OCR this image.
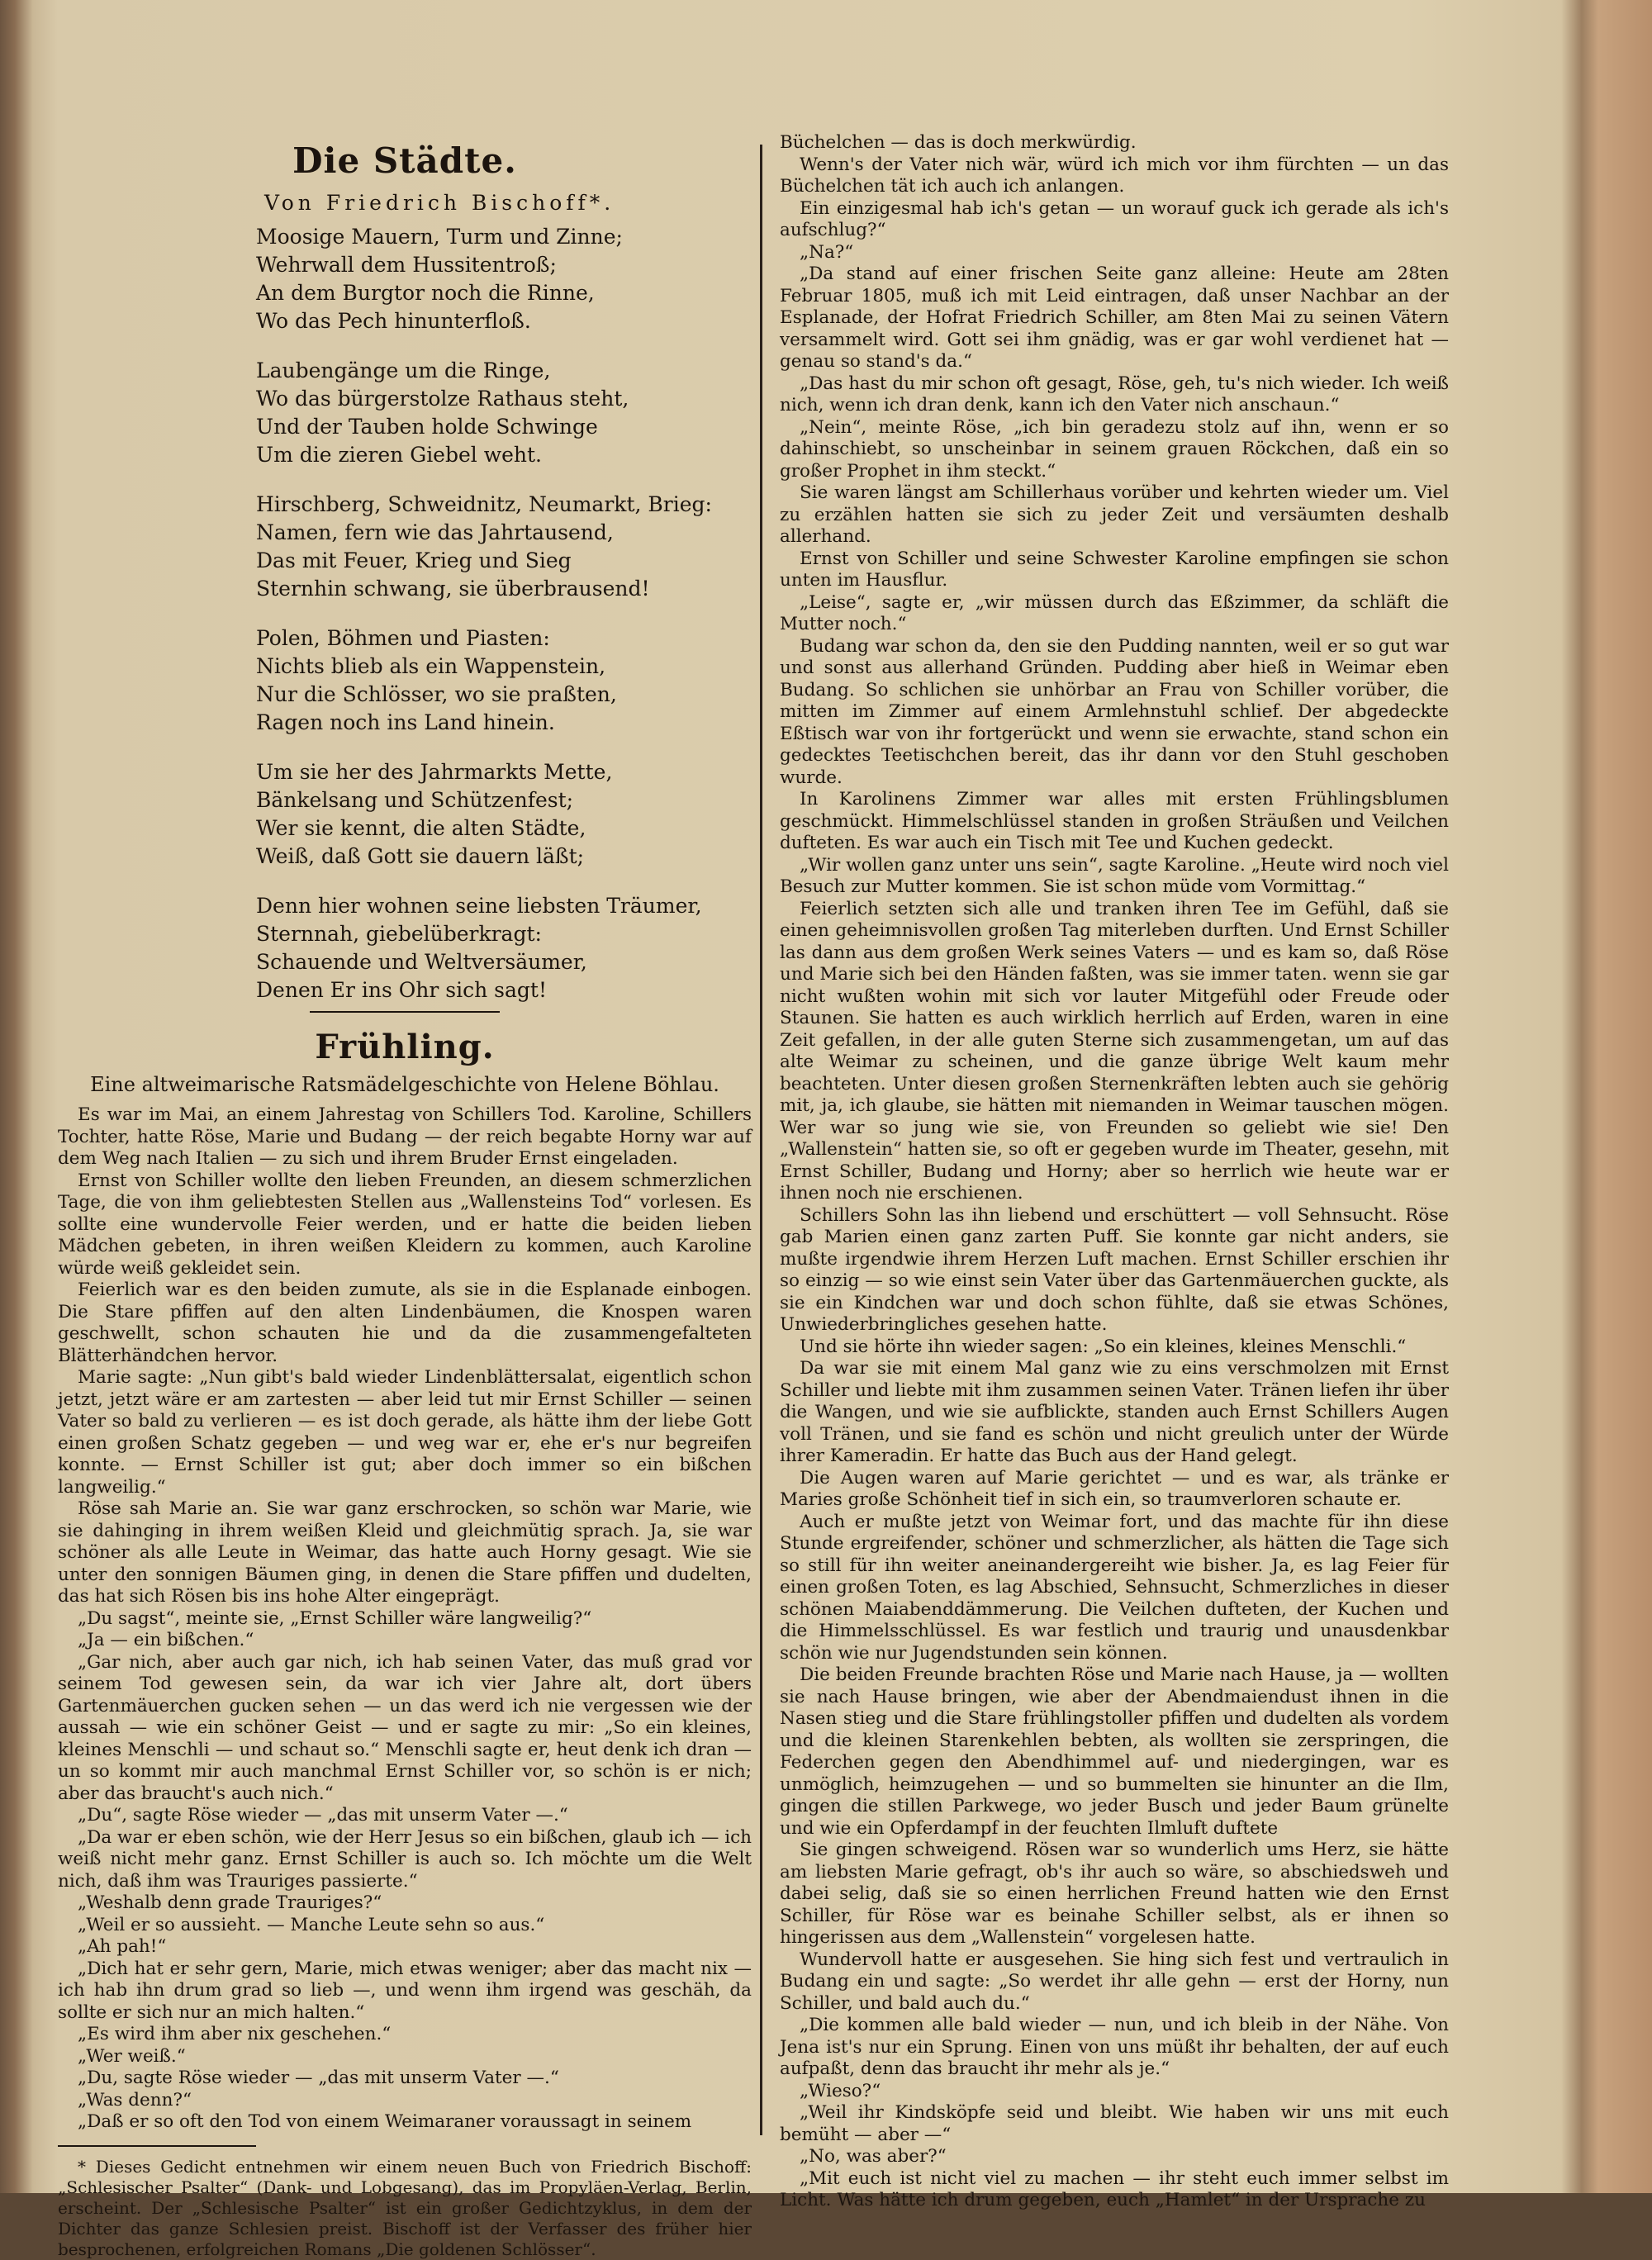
Die Städte.
Von Friedrich Bischoff*.
Moosige Mauern, Turm und Zinne;
Wehrwall dem Hussitentroß;
An dem Burgtor noch die Rinne,
Wo das Pech hinunterfloß.
Laubengänge um die Ringe,
Wo das bürgerstolze Rathaus steht,
Und der Tauben holde Schwinge
Um die zieren Giebel weht.
Hirschberg, Schweidnitz, Neumarkt, Brieg:
Namen, fern wie das Jahrtausend,
Das mit Feuer, Krieg und Sieg
Sternhin schwang, sie überbrausend!
Polen, Böhmen und Piasten:
Nichts blieb als ein Wappenstein,
Nur die Schlösser, wo sie praßten,
Ragen noch ins Land hinein.
Um sie her des Jahrmarkts Mette,
Bänkelsang und Schützenfest;
Wer sie kennt, die alten Städte,
Weiß, daß Gott sie dauern läßt;
Denn hier wohnen seine liebsten Träumer,
Sternnah, giebelüberkragt:
Schauende und Weltversäumer,
Denen Er ins Ohr sich sagt!
Frühling.
Eine altweimarische Ratsmädelgeschichte von Helene Böhlau.

Es war im Mai, an einem Jahrestag von Schillers Tod. Karoline, Schillers Tochter, hatte Röse, Marie und Budang — der reich begabte Horny war auf dem Weg nach Italien — zu sich und ihrem Bruder Ernst eingeladen.

Ernst von Schiller wollte den lieben Freunden, an diesem schmerzlichen Tage, die von ihm geliebtesten Stellen aus „Wallensteins Tod“ vorlesen. Es sollte eine wundervolle Feier werden, und er hatte die beiden lieben Mädchen gebeten, in ihren weißen Kleidern zu kommen, auch Karoline würde weiß gekleidet sein.

Feierlich war es den beiden zumute, als sie in die Esplanade einbogen. Die Stare pfiffen auf den alten Lindenbäumen, die Knospen waren geschwellt, schon schauten hie und da die zusammengefalteten Blätterhändchen hervor.

Marie sagte: „Nun gibt's bald wieder Lindenblättersalat, eigentlich schon jetzt, jetzt wäre er am zartesten — aber leid tut mir Ernst Schiller — seinen Vater so bald zu verlieren — es ist doch gerade, als hätte ihm der liebe Gott einen großen Schatz gegeben — und weg war er, ehe er's nur begreifen konnte. — Ernst Schiller ist gut; aber doch immer so ein bißchen langweilig.“

Röse sah Marie an. Sie war ganz erschrocken, so schön war Marie, wie sie dahinging in ihrem weißen Kleid und gleichmütig sprach. Ja, sie war schöner als alle Leute in Weimar, das hatte auch Horny gesagt. Wie sie unter den sonnigen Bäumen ging, in denen die Stare pfiffen und dudelten, das hat sich Rösen bis ins hohe Alter eingeprägt.

„Du sagst“, meinte sie, „Ernst Schiller wäre langweilig?“

„Ja — ein bißchen.“

„Gar nich, aber auch gar nich, ich hab seinen Vater, das muß grad vor seinem Tod gewesen sein, da war ich vier Jahre alt, dort übers Gartenmäuerchen gucken sehen — un das werd ich nie vergessen wie der aussah — wie ein schöner Geist — und er sagte zu mir: „So ein kleines, kleines Menschli — und schaut so.“ Menschli sagte er, heut denk ich dran — un so kommt mir auch manchmal Ernst Schiller vor, so schön is er nich; aber das braucht's auch nich.“

„Du“, sagte Röse wieder — „das mit unserm Vater —.“

„Da war er eben schön, wie der Herr Jesus so ein bißchen, glaub ich — ich weiß nicht mehr ganz. Ernst Schiller is auch so. Ich möchte um die Welt nich, daß ihm was Trauriges passierte.“

„Weshalb denn grade Trauriges?“

„Weil er so aussieht. — Manche Leute sehn so aus.“

„Ah pah!“

„Dich hat er sehr gern, Marie, mich etwas weniger; aber das macht nix — ich hab ihn drum grad so lieb —, und wenn ihm irgend was geschäh, da sollte er sich nur an mich halten.“

„Es wird ihm aber nix geschehen.“

„Wer weiß.“

„Du, sagte Röse wieder — „das mit unserm Vater —.“

„Was denn?“

„Daß er so oft den Tod von einem Weimaraner voraussagt in seinem

* Dieses Gedicht entnehmen wir einem neuen Buch von Friedrich Bischoff: „Schlesischer Psalter“ (Dank- und Lobgesang), das im Propyläen-Verlag, Berlin, erscheint. Der „Schlesische Psalter“ ist ein großer Gedichtzyklus, in dem der Dichter das ganze Schlesien preist. Bischoff ist der Verfasser des früher hier besprochenen, erfolgreichen Romans „Die goldenen Schlösser“.

Büchelchen — das is doch merkwürdig.

Wenn's der Vater nich wär, würd ich mich vor ihm fürchten — un das Büchelchen tät ich auch ich anlangen.

Ein einzigesmal hab ich's getan — un worauf guck ich gerade als ich's aufschlug?“

„Na?“

„Da stand auf einer frischen Seite ganz alleine: Heute am 28ten Februar 1805, muß ich mit Leid eintragen, daß unser Nachbar an der Esplanade, der Hofrat Friedrich Schiller, am 8ten Mai zu seinen Vätern versammelt wird. Gott sei ihm gnädig, was er gar wohl verdienet hat — genau so stand's da.“

„Das hast du mir schon oft gesagt, Röse, geh, tu's nich wieder. Ich weiß nich, wenn ich dran denk, kann ich den Vater nich anschaun.“

„Nein“, meinte Röse, „ich bin geradezu stolz auf ihn, wenn er so dahinschiebt, so unscheinbar in seinem grauen Röckchen, daß ein so großer Prophet in ihm steckt.“

Sie waren längst am Schillerhaus vorüber und kehrten wieder um. Viel zu erzählen hatten sie sich zu jeder Zeit und versäumten deshalb allerhand.

Ernst von Schiller und seine Schwester Karoline empfingen sie schon unten im Hausflur.

„Leise“, sagte er, „wir müssen durch das Eßzimmer, da schläft die Mutter noch.“

Budang war schon da, den sie den Pudding nannten, weil er so gut war und sonst aus allerhand Gründen. Pudding aber hieß in Weimar eben Budang. So schlichen sie unhörbar an Frau von Schiller vorüber, die mitten im Zimmer auf einem Armlehnstuhl schlief. Der abgedeckte Eßtisch war von ihr fortgerückt und wenn sie erwachte, stand schon ein gedecktes Teetischchen bereit, das ihr dann vor den Stuhl geschoben wurde.

In Karolinens Zimmer war alles mit ersten Frühlingsblumen geschmückt. Himmelschlüssel standen in großen Sträußen und Veilchen dufteten. Es war auch ein Tisch mit Tee und Kuchen gedeckt.

„Wir wollen ganz unter uns sein“, sagte Karoline. „Heute wird noch viel Besuch zur Mutter kommen. Sie ist schon müde vom Vormittag.“

Feierlich setzten sich alle und tranken ihren Tee im Gefühl, daß sie einen geheimnisvollen großen Tag miterleben durften. Und Ernst Schiller las dann aus dem großen Werk seines Vaters — und es kam so, daß Röse und Marie sich bei den Händen faßten, was sie immer taten. wenn sie gar nicht wußten wohin mit sich vor lauter Mitgefühl oder Freude oder Staunen. Sie hatten es auch wirklich herrlich auf Erden, waren in eine Zeit gefallen, in der alle guten Sterne sich zusammengetan, um auf das alte Weimar zu scheinen, und die ganze übrige Welt kaum mehr beachteten. Unter diesen großen Sternenkräften lebten auch sie gehörig mit, ja, ich glaube, sie hätten mit niemanden in Weimar tauschen mögen. Wer war so jung wie sie, von Freunden so geliebt wie sie! Den „Wallenstein“ hatten sie, so oft er gegeben wurde im Theater, gesehn, mit Ernst Schiller, Budang und Horny; aber so herrlich wie heute war er ihnen noch nie erschienen.

Schillers Sohn las ihn liebend und erschüttert — voll Sehnsucht. Röse gab Marien einen ganz zarten Puff. Sie konnte gar nicht anders, sie mußte irgendwie ihrem Herzen Luft machen. Ernst Schiller erschien ihr so einzig — so wie einst sein Vater über das Gartenmäuerchen guckte, als sie ein Kindchen war und doch schon fühlte, daß sie etwas Schönes, Unwiederbringliches gesehen hatte.

Und sie hörte ihn wieder sagen: „So ein kleines, kleines Menschli.“

Da war sie mit einem Mal ganz wie zu eins verschmolzen mit Ernst Schiller und liebte mit ihm zusammen seinen Vater. Tränen liefen ihr über die Wangen, und wie sie aufblickte, standen auch Ernst Schillers Augen voll Tränen, und sie fand es schön und nicht greulich unter der Würde ihrer Kameradin. Er hatte das Buch aus der Hand gelegt.

Die Augen waren auf Marie gerichtet — und es war, als tränke er Maries große Schönheit tief in sich ein, so traumverloren schaute er.

Auch er mußte jetzt von Weimar fort, und das machte für ihn diese Stunde ergreifender, schöner und schmerzlicher, als hätten die Tage sich so still für ihn weiter aneinandergereiht wie bisher. Ja, es lag Feier für einen großen Toten, es lag Abschied, Sehnsucht, Schmerzliches in dieser schönen Maiabenddämmerung. Die Veilchen dufteten, der Kuchen und die Himmelsschlüssel. Es war festlich und traurig und unausdenkbar schön wie nur Jugendstunden sein können.

Die beiden Freunde brachten Röse und Marie nach Hause, ja — wollten sie nach Hause bringen, wie aber der Abendmaiendust ihnen in die Nasen stieg und die Stare frühlingstoller pfiffen und dudelten als vordem und die kleinen Starenkehlen bebten, als wollten sie zerspringen, die Federchen gegen den Abendhimmel auf- und niedergingen, war es unmöglich, heimzugehen — und so bummelten sie hinunter an die Ilm, gingen die stillen Parkwege, wo jeder Busch und jeder Baum grünelte und wie ein Opferdampf in der feuchten Ilmluft duftete

Sie gingen schweigend. Rösen war so wunderlich ums Herz, sie hätte am liebsten Marie gefragt, ob's ihr auch so wäre, so abschiedsweh und dabei selig, daß sie so einen herrlichen Freund hatten wie den Ernst Schiller, für Röse war es beinahe Schiller selbst, als er ihnen so hingerissen aus dem „Wallenstein“ vorgelesen hatte.

Wundervoll hatte er ausgesehen. Sie hing sich fest und vertraulich in Budang ein und sagte: „So werdet ihr alle gehn — erst der Horny, nun Schiller, und bald auch du.“

„Die kommen alle bald wieder — nun, und ich bleib in der Nähe. Von Jena ist's nur ein Sprung. Einen von uns müßt ihr behalten, der auf euch aufpaßt, denn das braucht ihr mehr als je.“

„Wieso?“

„Weil ihr Kindsköpfe seid und bleibt. Wie haben wir uns mit euch bemüht — aber —“

„No, was aber?“

„Mit euch ist nicht viel zu machen — ihr steht euch immer selbst im Licht. Was hätte ich drum gegeben, euch „Hamlet“ in der Ursprache zu
